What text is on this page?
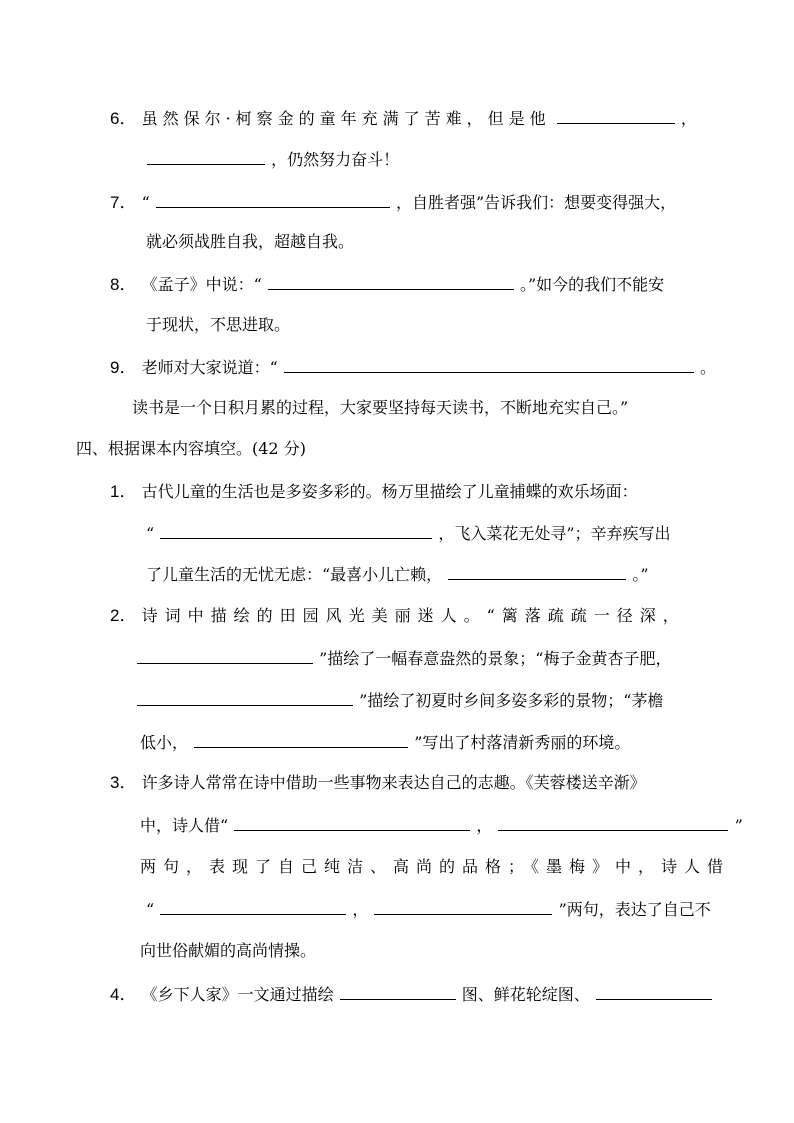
6． 虽然保尔·柯察金的童年充满了苦难，但是他	，
，仍然努力奋斗！
7． “	，自胜者强”告诉我们：想要变得强大，
就必须战胜自我，超越自我。
8． 《孟子》中说：“	。”如今的我们不能安
于现状，不思进取。
9． 老师对大家说道：“	。
读书是一个日积月累的过程，大家要坚持每天读书，不断地充实自己。”
四、根据课本内容填空。(42 分)
1． 古代儿童的生活也是多姿多彩的。杨万里描绘了儿童捕蝶的欢乐场面：
“	，飞入菜花无处寻”；辛弃疾写出
了儿童生活的无忧无虑：“最喜小儿亡赖，	。”
2． 诗词中描绘的田园风光美丽迷人。“篱落疏疏一径深，
”描绘了一幅春意盎然的景象；“梅子金黄杏子肥，
”描绘了初夏时乡间多姿多彩的景物；“茅檐
低小，	”写出了村落清新秀丽的环境。
3． 许多诗人常常在诗中借助一些事物来表达自己的志趣。《芙蓉楼送辛渐》
中，诗人借“	，	”
两句，表现了自己纯洁、高尚的品格；《墨梅》中，诗人借
“	，	”两句，表达了自己不
向世俗献媚的高尚情操。
4． 《乡下人家》一文通过描绘	图、鲜花轮绽图、
